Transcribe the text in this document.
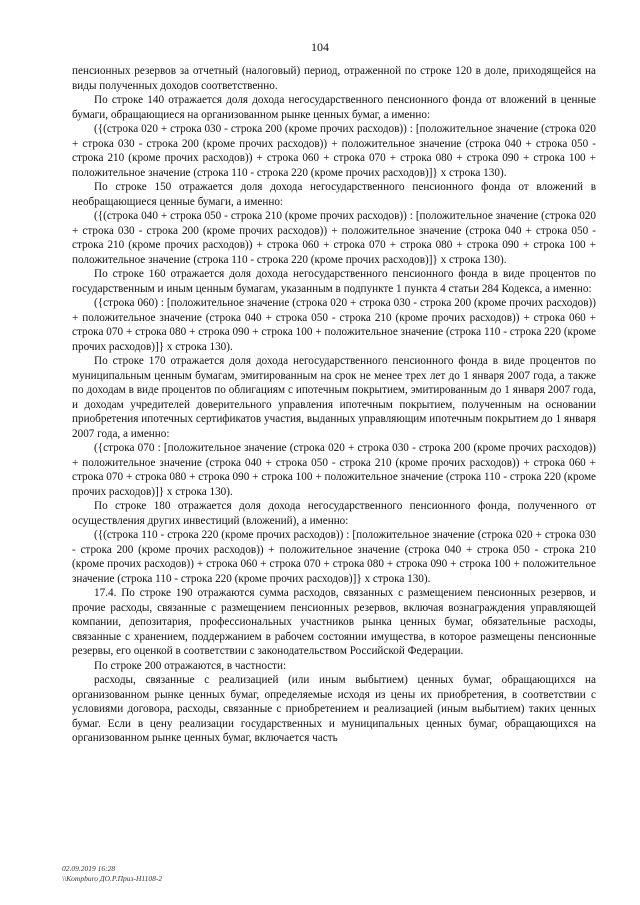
104

пенсионных резервов за отчетный (налоговый) период, отраженной по строке 120 в доле, приходящейся на виды полученных доходов соответственно.

По строке 140 отражается доля дохода негосударственного пенсионного фонда от вложений в ценные бумаги, обращающиеся на организованном рынке ценных бумаг, а именно:

({(строка 020 + строка 030 - строка 200 (кроме прочих расходов)) : [положительное значение (строка 020 + строка 030 - строка 200 (кроме прочих расходов)) + положительное значение (строка 040 + строка 050 - строка 210 (кроме прочих расходов)) + строка 060 + строка 070 + строка 080 + строка 090 + строка 100 + положительное значение (строка 110 - строка 220 (кроме прочих расходов)]} х строка 130).

По строке 150 отражается доля дохода негосударственного пенсионного фонда от вложений в необращающиеся ценные бумаги, а именно:

({(строка 040 + строка 050 - строка 210 (кроме прочих расходов)) : [положительное значение (строка 020 + строка 030 - строка 200 (кроме прочих расходов)) + положительное значение (строка 040 + строка 050 - строка 210 (кроме прочих расходов)) + строка 060 + строка 070 + строка 080 + строка 090 + строка 100 + положительное значение (строка 110 - строка 220 (кроме прочих расходов)]} х строка 130).

По строке 160 отражается доля дохода негосударственного пенсионного фонда в виде процентов по государственным и иным ценным бумагам, указанным в подпункте 1 пункта 4 статьи 284 Кодекса, а именно:

({строка 060) : [положительное значение (строка 020 + строка 030 - строка 200 (кроме прочих расходов)) + положительное значение (строка 040 + строка 050 - строка 210 (кроме прочих расходов)) + строка 060 + строка 070 + строка 080 + строка 090 + строка 100 + положительное значение (строка 110 - строка 220 (кроме прочих расходов)]} х строка 130).

По строке 170 отражается доля дохода негосударственного пенсионного фонда в виде процентов по муниципальным ценным бумагам, эмитированным на срок не менее трех лет до 1 января 2007 года, а также по доходам в виде процентов по облигациям с ипотечным покрытием, эмитированным до 1 января 2007 года, и доходам учредителей доверительного управления ипотечным покрытием, полученным на основании приобретения ипотечных сертификатов участия, выданных управляющим ипотечным покрытием до 1 января 2007 года, а именно:

({строка 070 : [положительное значение (строка 020 + строка 030 - строка 200 (кроме прочих расходов)) + положительное значение (строка 040 + строка 050 - строка 210 (кроме прочих расходов)) + строка 060 + строка 070 + строка 080 + строка 090 + строка 100 + положительное значение (строка 110 - строка 220 (кроме прочих расходов)]} х строка 130).

По строке 180 отражается доля дохода негосударственного пенсионного фонда, полученного от осуществления других инвестиций (вложений), а именно:

({(строка 110 - строка 220 (кроме прочих расходов)) : [положительное значение (строка 020 + строка 030 - строка 200 (кроме прочих расходов)) + положительное значение (строка 040 + строка 050 - строка 210 (кроме прочих расходов)) + строка 060 + строка 070 + строка 080 + строка 090 + строка 100 + положительное значение (строка 110 - строка 220 (кроме прочих расходов)]} х строка 130).

17.4. По строке 190 отражаются сумма расходов, связанных с размещением пенсионных резервов, и прочие расходы, связанные с размещением пенсионных резервов, включая вознаграждения управляющей компании, депозитария, профессиональных участников рынка ценных бумаг, обязательные расходы, связанные с хранением, поддержанием в рабочем состоянии имущества, в которое размещены пенсионные резервы, его оценкой в соответствии с законодательством Российской Федерации.

По строке 200 отражаются, в частности:

расходы, связанные с реализацией (или иным выбытием) ценных бумаг, обращающихся на организованном рынке ценных бумаг, определяемые исходя из цены их приобретения, в соответствии с условиями договора, расходы, связанные с приобретением и реализацией (иным выбытием) таких ценных бумаг. Если в цену реализации государственных и муниципальных ценных бумаг, обращающихся на организованном рынке ценных бумаг, включается часть

02.09.2019 16:28
\\Kompburo ДО.Р.Приз-Н1108-2
